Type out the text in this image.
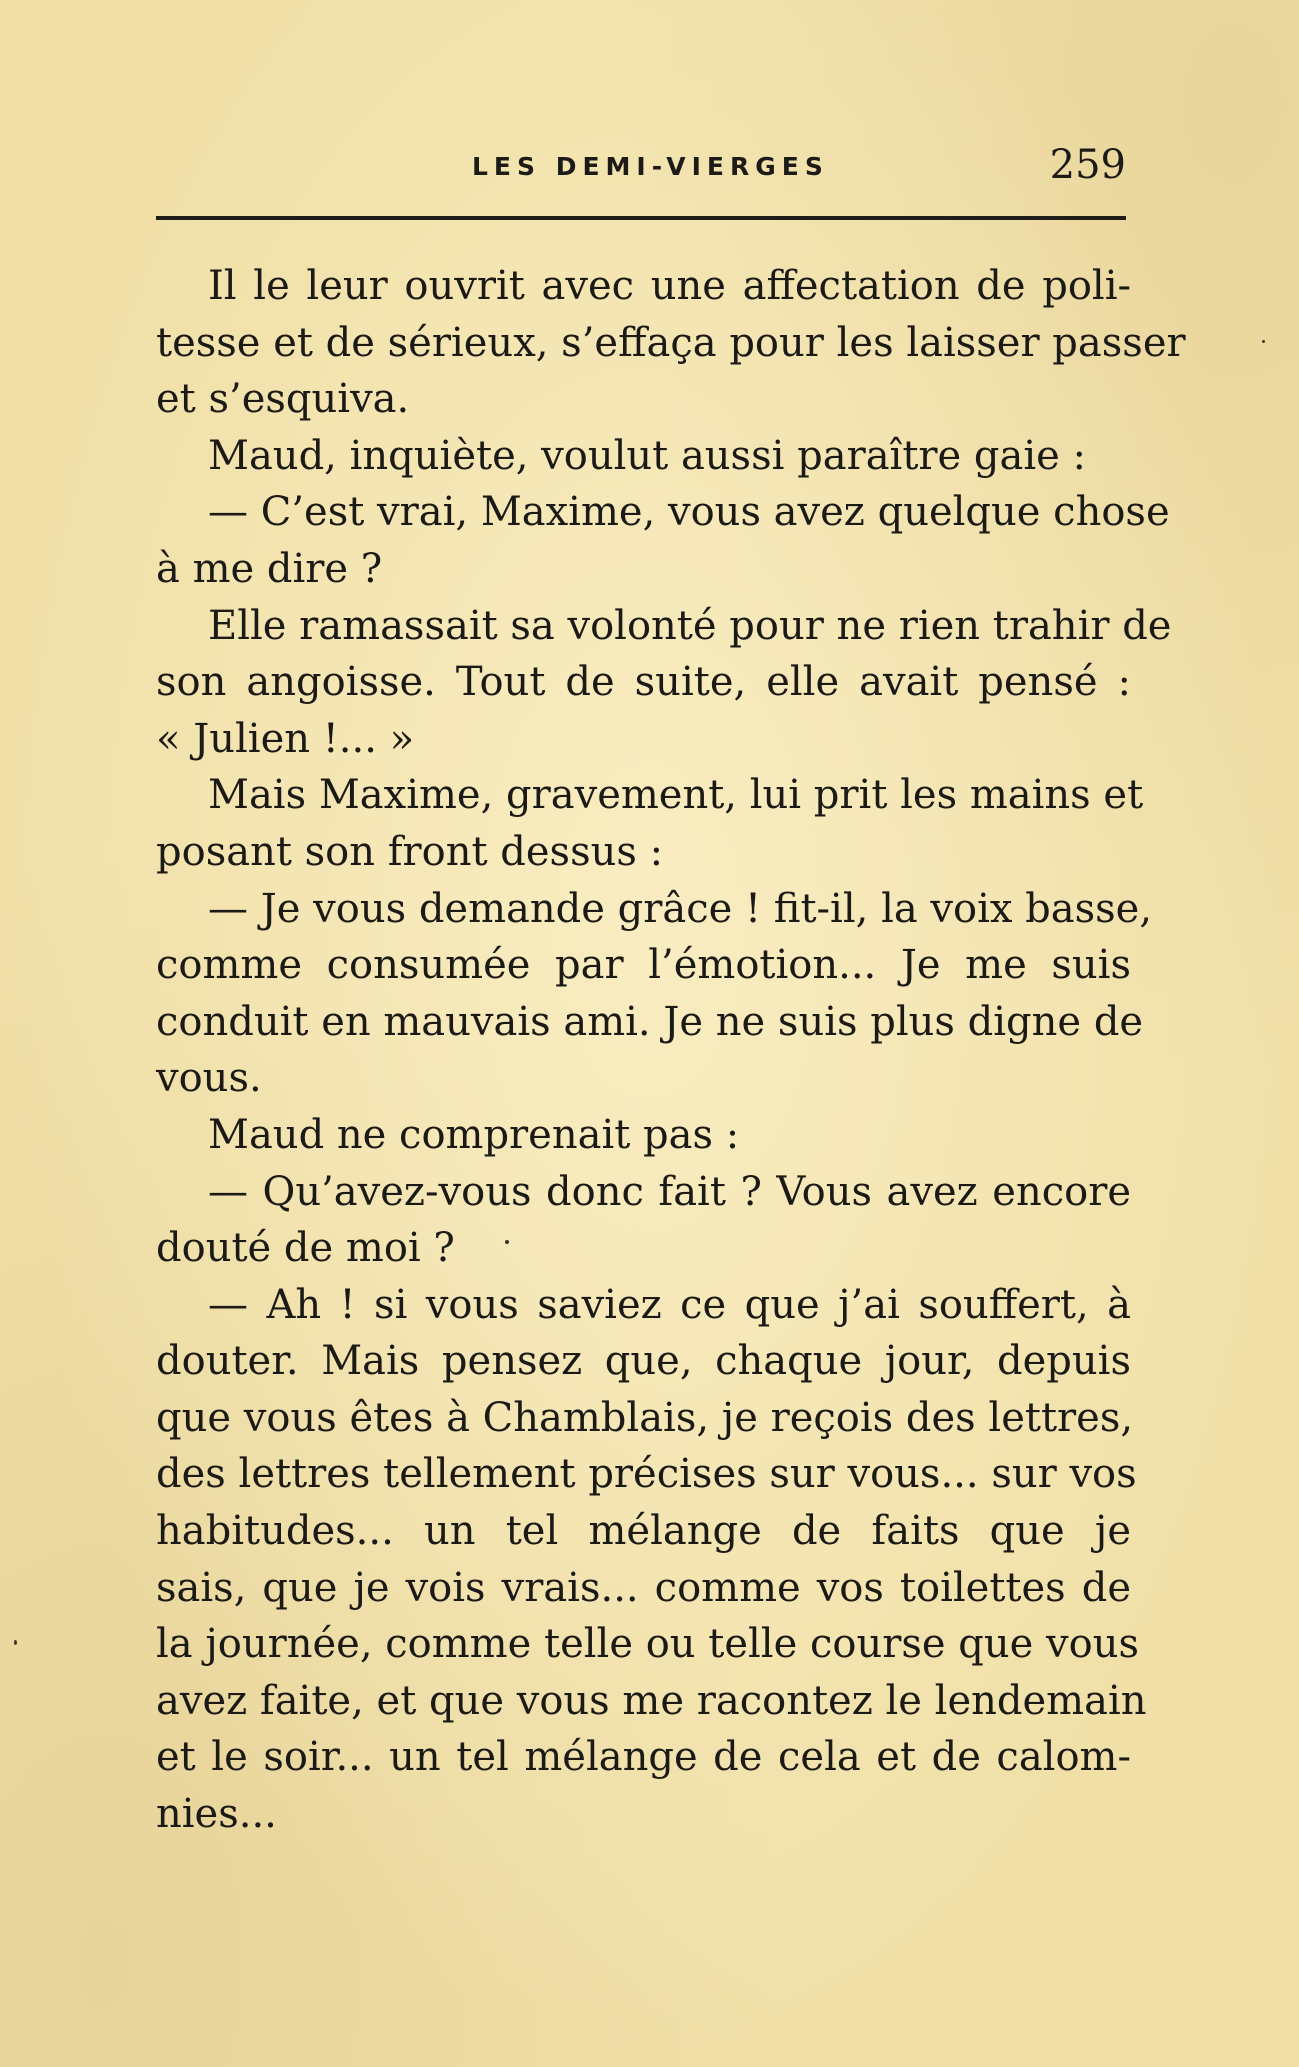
LES DEMI-VIERGES	259
Il le leur ouvrit avec une affectation de poli-
tesse et de sérieux, s’effaça pour les laisser passer
et s’esquiva.
Maud, inquiète, voulut aussi paraître gaie :
— C’est vrai, Maxime, vous avez quelque chose
à me dire ?
Elle ramassait sa volonté pour ne rien trahir de
son angoisse. Tout de suite, elle avait pensé :
« Julien !... »
Mais Maxime, gravement, lui prit les mains et
posant son front dessus :
— Je vous demande grâce ! fit-il, la voix basse,
comme consumée par l’émotion... Je me suis
conduit en mauvais ami. Je ne suis plus digne de
vous.
Maud ne comprenait pas :
— Qu’avez-vous donc fait ? Vous avez encore
douté de moi ?
— Ah ! si vous saviez ce que j’ai souffert, à
douter. Mais pensez que, chaque jour, depuis
que vous êtes à Chamblais, je reçois des lettres,
des lettres tellement précises sur vous... sur vos
habitudes... un tel mélange de faits que je
sais, que je vois vrais... comme vos toilettes de
la journée, comme telle ou telle course que vous
avez faite, et que vous me racontez le lendemain
et le soir... un tel mélange de cela et de calom-
nies...
